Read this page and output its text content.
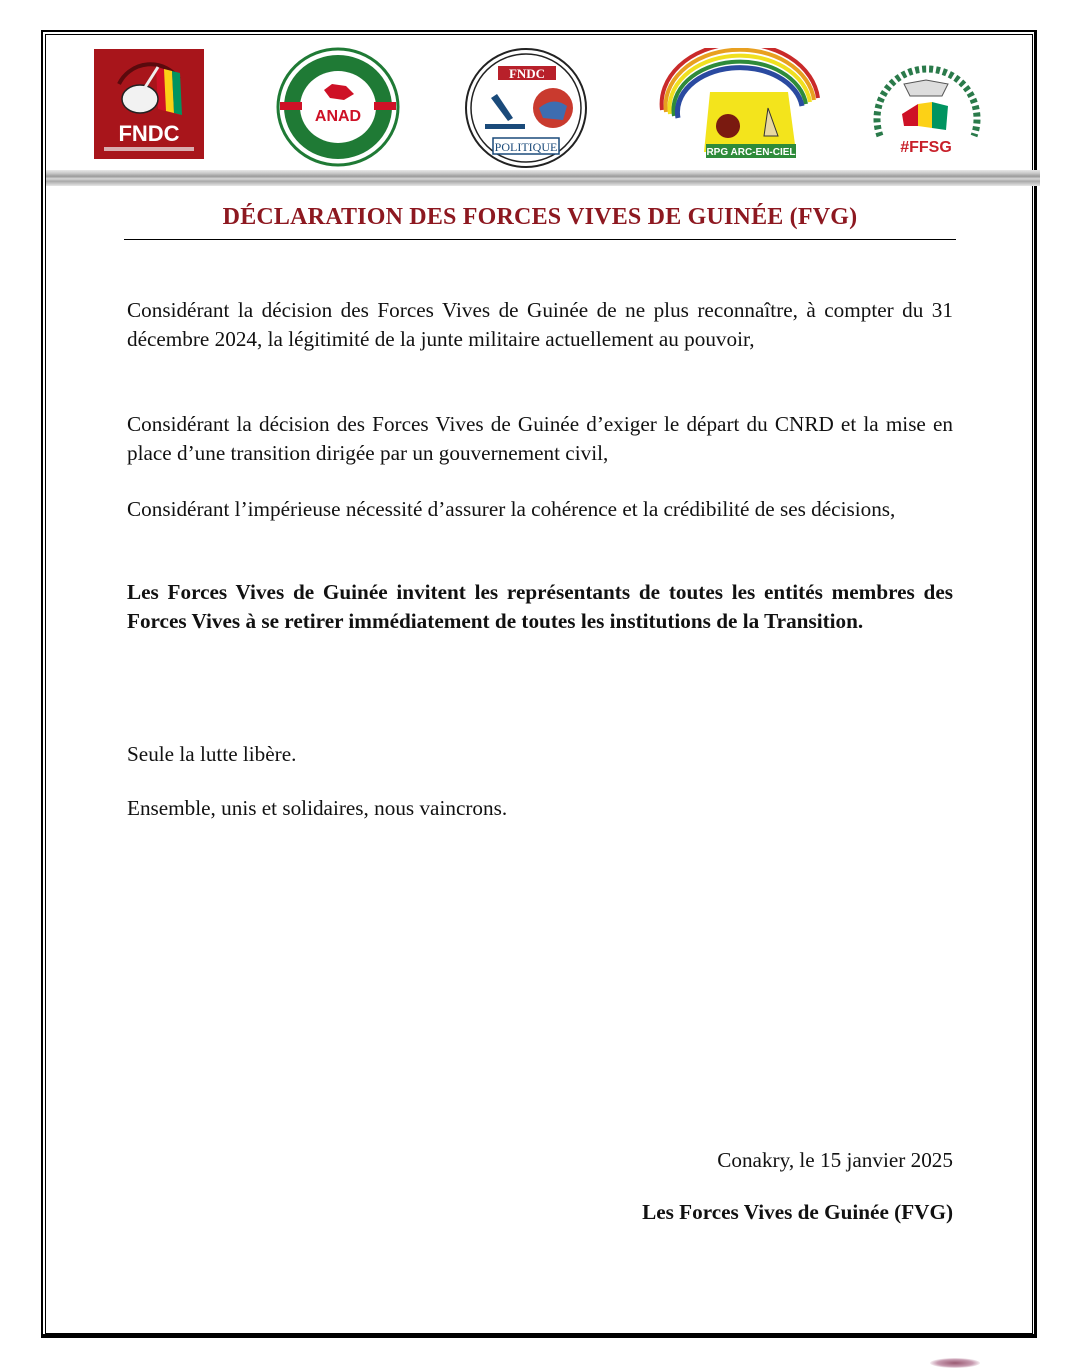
FNDC
ANAD
FNDC
POLITIQUE	RPG ARC-EN-CIEL	#FFSG
DÉCLARATION DES FORCES VIVES DE GUINÉE (FVG)

Considérant la décision des Forces Vives de Guinée de ne plus reconnaître, à compter du 31 décembre 2024, la légitimité de la junte militaire actuellement au pouvoir,

Considérant la décision des Forces Vives de Guinée d’exiger le départ du CNRD et la mise en place d’une transition dirigée par un gouvernement civil,

Considérant l’impérieuse nécessité d’assurer la cohérence et la crédibilité de ses décisions,

Les Forces Vives de Guinée invitent les représentants de toutes les entités membres des Forces Vives à se retirer immédiatement de toutes les institutions de la Transition.

Seule la lutte libère.
Ensemble, unis et solidaires, nous vaincrons.
Conakry, le 15 janvier 2025
Les Forces Vives de Guinée (FVG)
